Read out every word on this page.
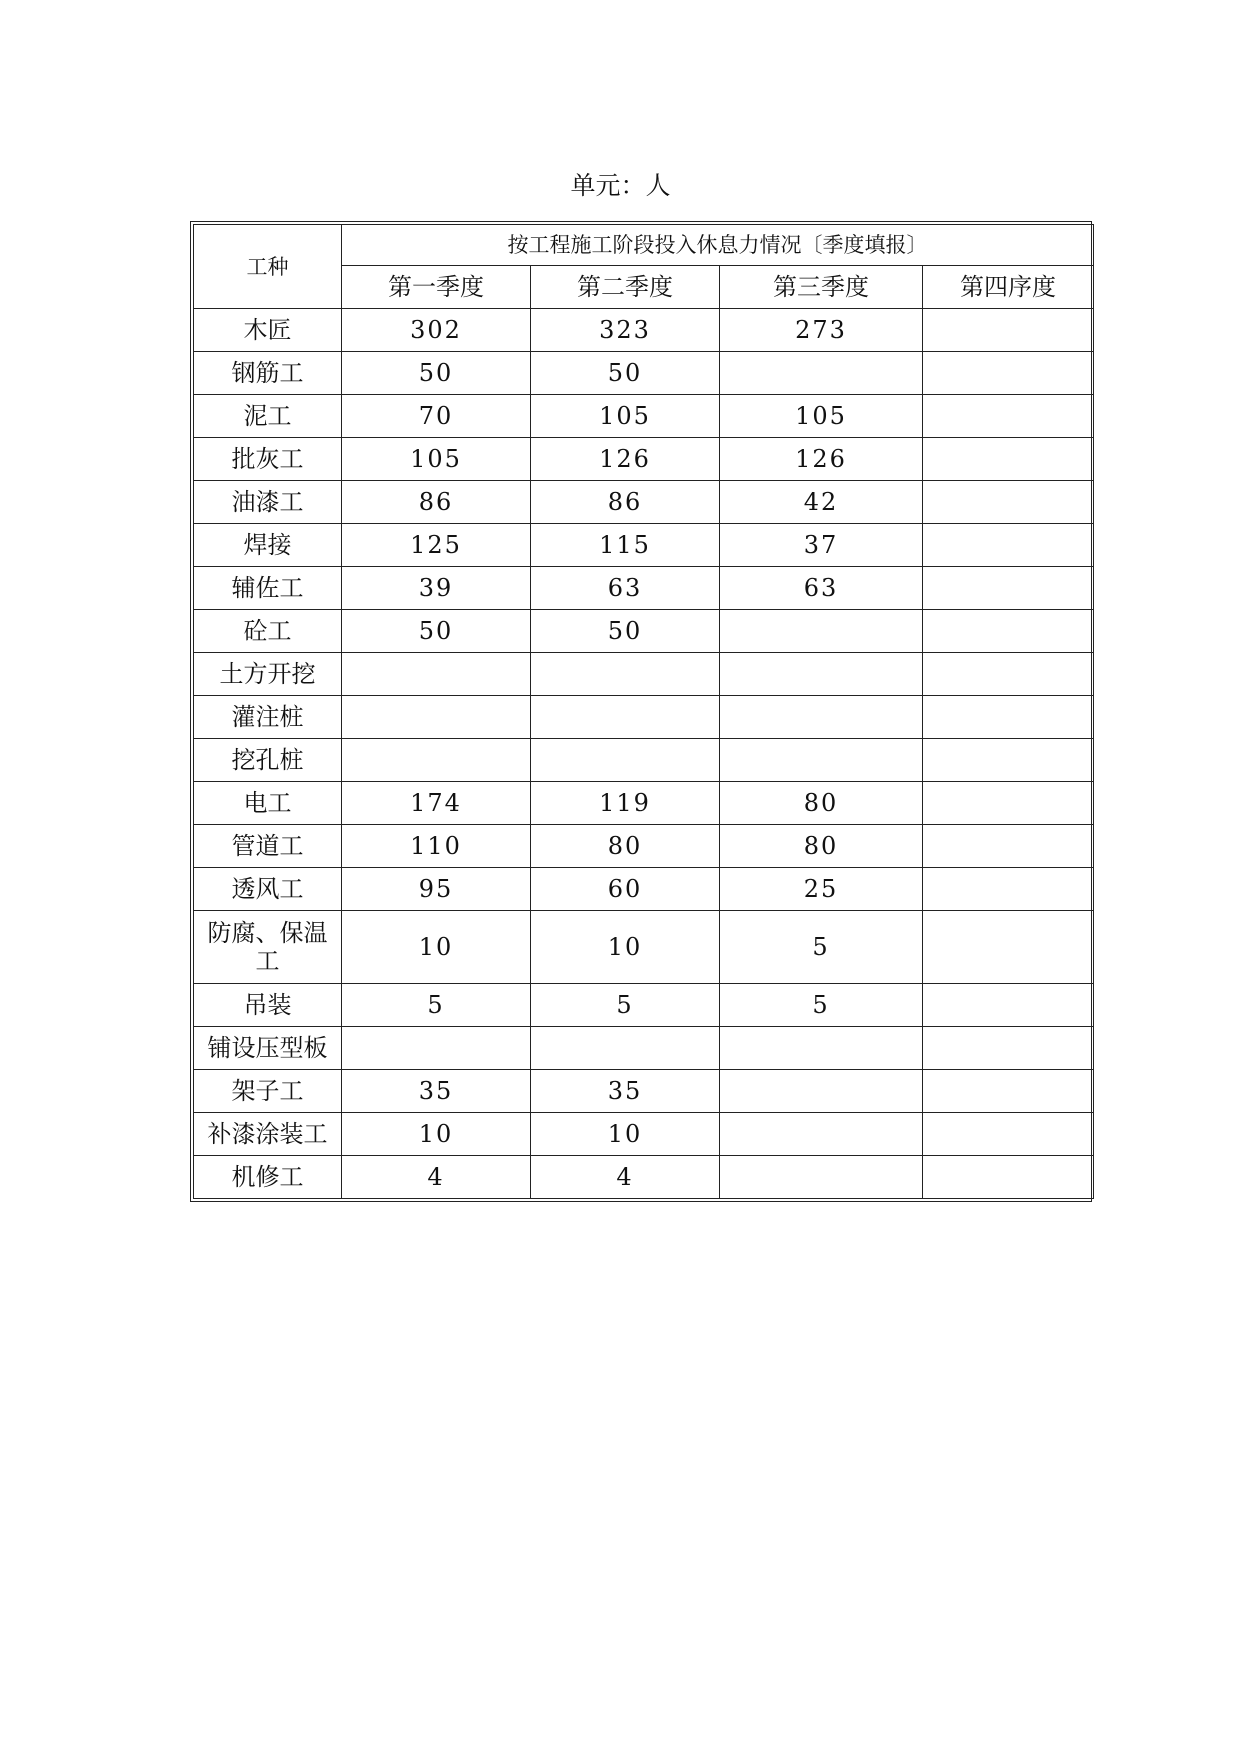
单元：人
工种	按工程施工阶段投入休息力情况〔季度填报〕			
	第一季度	第二季度	第三季度	第四序度
木匠	302	323	273	
钢筋工	50	50		
泥工	70	105	105	
批灰工	105	126	126	
油漆工	86	86	42	
焊接	125	115	37	
辅佐工	39	63	63	
砼工	50	50		
土方开挖				
灌注桩				
挖孔桩				
电工	174	119	80	
管道工	110	80	80	
透风工	95	60	25	
防腐、保温工	10	10	5	
吊装	5	5	5	
铺设压型板				
架子工	35	35		
补漆涂装工	10	10		
机修工	4	4		
